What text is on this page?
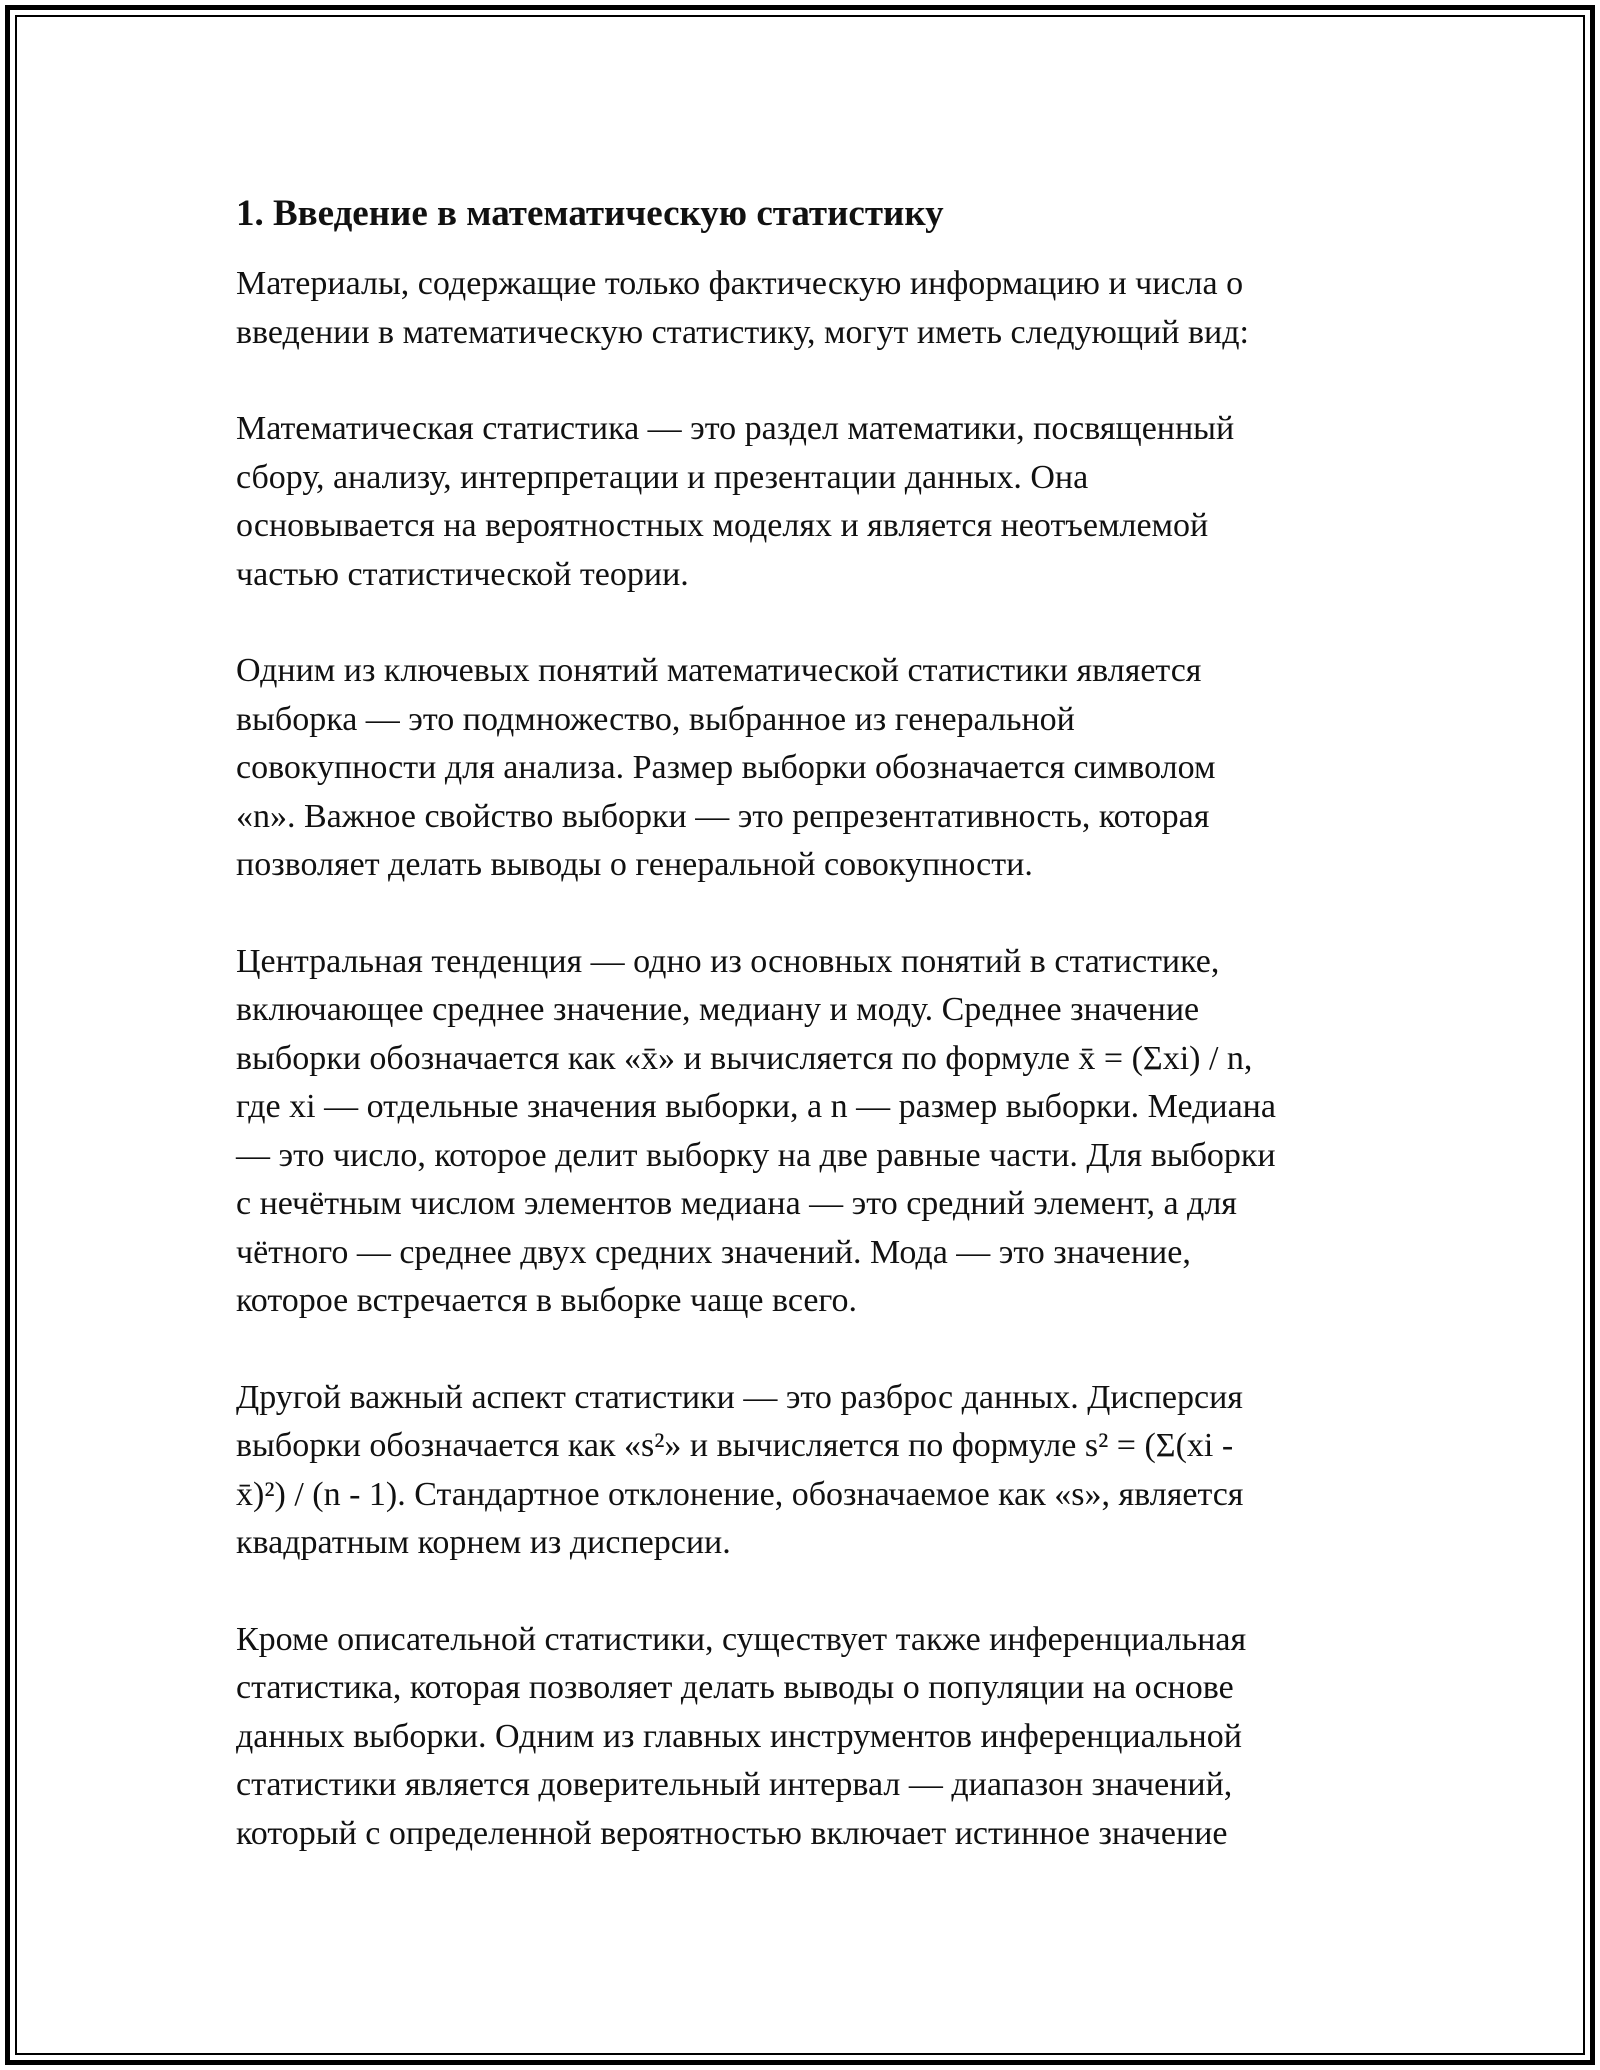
1. Введение в математическую статистику

Материалы, содержащие только фактическую информацию и числа о
введении в математическую статистику, могут иметь следующий вид:

Математическая статистика — это раздел математики, посвященный
сбору, анализу, интерпретации и презентации данных. Она
основывается на вероятностных моделях и является неотъемлемой
частью статистической теории.

Одним из ключевых понятий математической статистики является
выборка — это подмножество, выбранное из генеральной
совокупности для анализа. Размер выборки обозначается символом
«n». Важное свойство выборки — это репрезентативность, которая
позволяет делать выводы о генеральной совокупности.

Центральная тенденция — одно из основных понятий в статистике,
включающее среднее значение, медиану и моду. Среднее значение
выборки обозначается как «x̄» и вычисляется по формуле x̄ = (Σxi) / n,
где xi — отдельные значения выборки, а n — размер выборки. Медиана
— это число, которое делит выборку на две равные части. Для выборки
с нечётным числом элементов медиана — это средний элемент, а для
чётного — среднее двух средних значений. Мода — это значение,
которое встречается в выборке чаще всего.

Другой важный аспект статистики — это разброс данных. Дисперсия
выборки обозначается как «s²» и вычисляется по формуле s² = (Σ(xi -
x̄)²) / (n - 1). Стандартное отклонение, обозначаемое как «s», является
квадратным корнем из дисперсии.

Кроме описательной статистики, существует также инференциальная
статистика, которая позволяет делать выводы о популяции на основе
данных выборки. Одним из главных инструментов инференциальной
статистики является доверительный интервал — диапазон значений,
который с определенной вероятностью включает истинное значение
